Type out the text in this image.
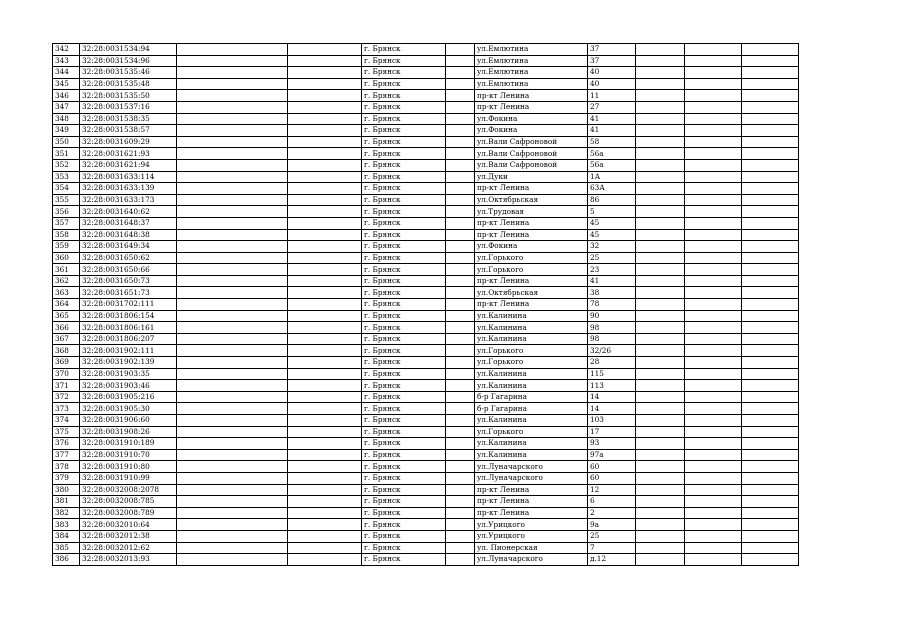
.
342	32:28:0031534:94			г. Брянск		ул.Емлютина	37			
343	32:28:0031534:96			г. Брянск		ул.Емлютина	37			
344	32:28:0031535:46			г. Брянск		ул.Емлютина	40			
345	32:28:0031535:48			г. Брянск		ул.Емлютина	40			
346	32:28:0031535:50			г. Брянск		пр-кт Ленина	11			
347	32:28:0031537:16			г. Брянск		пр-кт Ленина	27			
348	32:28:0031538:35			г. Брянск		ул.Фокина	41			
349	32:28:0031538:57			г. Брянск		ул.Фокина	41			
350	32:28:0031609:29			г. Брянск		ул.Вали Сафроновой	58			
351	32:28:0031621:93			г. Брянск		ул.Вали Сафроновой	56а			
352	32:28:0031621:94			г. Брянск		ул.Вали Сафроновой	56а			
353	32:28:0031633:114			г. Брянск		ул.Дуки	1А			
354	32:28:0031633:139			г. Брянск		пр-кт Ленина	63А			
355	32:28:0031633:173			г. Брянск		ул.Октябрьская	86			
356	32:28:0031640:62			г. Брянск		ул.Трудовая	5			
357	32:28:0031648:37			г. Брянск		пр-кт Ленина	45			
358	32:28:0031648:38			г. Брянск		пр-кт Ленина	45			
359	32:28:0031649:34			г. Брянск		ул.Фокина	32			
360	32:28:0031650:62			г. Брянск		ул.Горького	25			
361	32:28:0031650:66			г. Брянск		ул.Горького	23			
362	32:28:0031650:73			г. Брянск		пр-кт Ленина	41			
363	32:28:0031651:73			г. Брянск		ул.Октябрьская	38			
364	32:28:0031702:111			г. Брянск		пр-кт Ленина	78			
365	32:28:0031806:154			г. Брянск		ул.Калинина	90			
366	32:28:0031806:161			г. Брянск		ул.Калинина	98			
367	32:28:0031806:207			г. Брянск		ул.Калинина	98			
368	32:28:0031902:111			г. Брянск		ул.Горького	32/26			
369	32:28:0031902:139			г. Брянск		ул.Горького	28			
370	32:28:0031903:35			г. Брянск		ул.Калинина	115			
371	32:28:0031903:46			г. Брянск		ул.Калинина	113			
372	32:28:0031905:216			г. Брянск		б-р Гагарина	14			
373	32:28:0031905:30			г. Брянск		б-р Гагарина	14			
374	32:28:0031906:60			г. Брянск		ул.Калинина	103			
375	32:28:0031908:26			г. Брянск		ул.Горького	17			
376	32:28:0031910:189			г. Брянск		ул.Калинина	93			
377	32:28:0031910:70			г. Брянск		ул.Калинина	97а			
378	32:28:0031910:80			г. Брянск		ул.Луначарского	60			
379	32:28:0031910:99			г. Брянск		ул.Луначарского	60			
380	32:28:0032008:2078			г. Брянск		пр-кт Ленина	12			
381	32:28:0032008:785			г. Брянск		пр-кт Ленина	6			
382	32:28:0032008:789			г. Брянск		пр-кт Ленина	2			
383	32:28:0032010:64			г. Брянск		ул.Урицкого	9а			
384	32:28:0032012:38			г. Брянск		ул.Урицкого	25			
385	32:28:0032012:62			г. Брянск		ул. Пионерская	7			
386	32:28:0032013:93			г. Брянск		ул.Луначарского	д.12			
